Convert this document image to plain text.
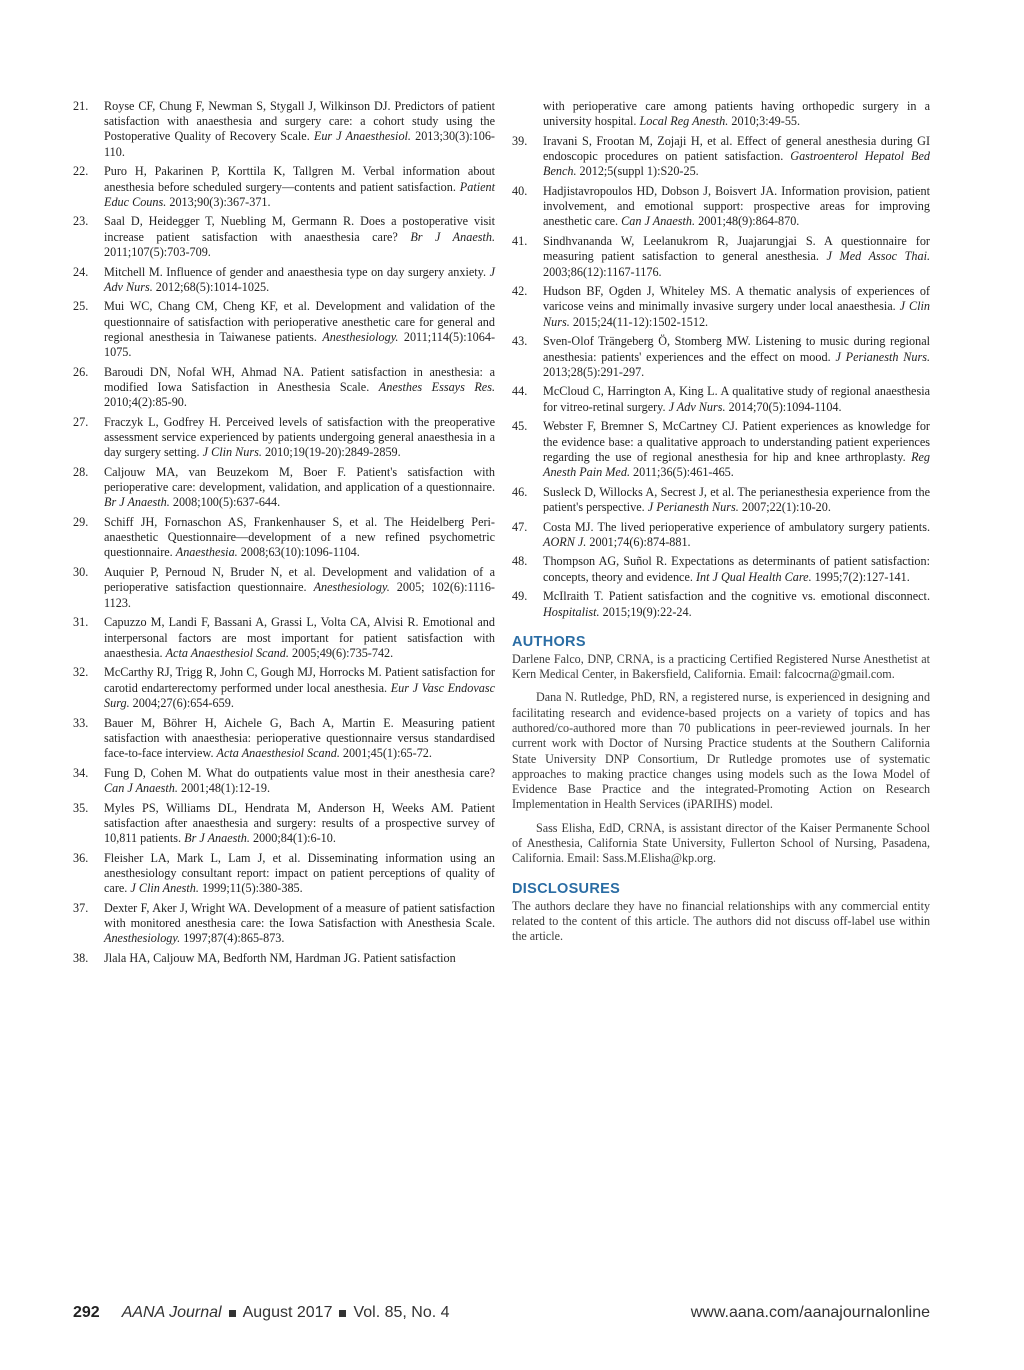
21.	Royse CF, Chung F, Newman S, Stygall J, Wilkinson DJ. Predictors of patient satisfaction with anaesthesia and surgery care: a cohort study using the Postoperative Quality of Recovery Scale. Eur J Anaesthesiol. 2013;30(3):106-110.
22.	Puro H, Pakarinen P, Korttila K, Tallgren M. Verbal information about anesthesia before scheduled surgery—contents and patient satisfaction. Patient Educ Couns. 2013;90(3):367-371.
23.	Saal D, Heidegger T, Nuebling M, Germann R. Does a postoperative visit increase patient satisfaction with anaesthesia care? Br J Anaesth. 2011;107(5):703-709.
24.	Mitchell M. Influence of gender and anaesthesia type on day surgery anxiety. J Adv Nurs. 2012;68(5):1014-1025.
25.	Mui WC, Chang CM, Cheng KF, et al. Development and validation of the questionnaire of satisfaction with perioperative anesthetic care for general and regional anesthesia in Taiwanese patients. Anesthesiology. 2011;114(5):1064-1075.
26.	Baroudi DN, Nofal WH, Ahmad NA. Patient satisfaction in anesthesia: a modified Iowa Satisfaction in Anesthesia Scale. Anesthes Essays Res. 2010;4(2):85-90.
27.	Fraczyk L, Godfrey H. Perceived levels of satisfaction with the preoperative assessment service experienced by patients undergoing general anaesthesia in a day surgery setting. J Clin Nurs. 2010;19(19-20):2849-2859.
28.	Caljouw MA, van Beuzekom M, Boer F. Patient's satisfaction with perioperative care: development, validation, and application of a questionnaire. Br J Anaesth. 2008;100(5):637-644.
29.	Schiff JH, Fornaschon AS, Frankenhauser S, et al. The Heidelberg Peri-anaesthetic Questionnaire—development of a new refined psychometric questionnaire. Anaesthesia. 2008;63(10):1096-1104.
30.	Auquier P, Pernoud N, Bruder N, et al. Development and validation of a perioperative satisfaction questionnaire. Anesthesiology. 2005; 102(6):1116-1123.
31.	Capuzzo M, Landi F, Bassani A, Grassi L, Volta CA, Alvisi R. Emotional and interpersonal factors are most important for patient satisfaction with anaesthesia. Acta Anaesthesiol Scand. 2005;49(6):735-742.
32.	McCarthy RJ, Trigg R, John C, Gough MJ, Horrocks M. Patient satisfaction for carotid endarterectomy performed under local anesthesia. Eur J Vasc Endovasc Surg. 2004;27(6):654-659.
33.	Bauer M, Böhrer H, Aichele G, Bach A, Martin E. Measuring patient satisfaction with anaesthesia: perioperative questionnaire versus standardised face-to-face interview. Acta Anaesthesiol Scand. 2001;45(1):65-72.
34.	Fung D, Cohen M. What do outpatients value most in their anesthesia care? Can J Anaesth. 2001;48(1):12-19.
35.	Myles PS, Williams DL, Hendrata M, Anderson H, Weeks AM. Patient satisfaction after anaesthesia and surgery: results of a prospective survey of 10,811 patients. Br J Anaesth. 2000;84(1):6-10.
36.	Fleisher LA, Mark L, Lam J, et al. Disseminating information using an anesthesiology consultant report: impact on patient perceptions of quality of care. J Clin Anesth. 1999;11(5):380-385.
37.	Dexter F, Aker J, Wright WA. Development of a measure of patient satisfaction with monitored anesthesia care: the Iowa Satisfaction with Anesthesia Scale. Anesthesiology. 1997;87(4):865-873.
38.	Jlala HA, Caljouw MA, Bedforth NM, Hardman JG. Patient satisfaction
with perioperative care among patients having orthopedic surgery in a university hospital. Local Reg Anesth. 2010;3:49-55.
39.	Iravani S, Frootan M, Zojaji H, et al. Effect of general anesthesia during GI endoscopic procedures on patient satisfaction. Gastroenterol Hepatol Bed Bench. 2012;5(suppl 1):S20-25.
40.	Hadjistavropoulos HD, Dobson J, Boisvert JA. Information provision, patient involvement, and emotional support: prospective areas for improving anesthetic care. Can J Anaesth. 2001;48(9):864-870.
41.	Sindhvananda W, Leelanukrom R, Juajarungjai S. A questionnaire for measuring patient satisfaction to general anesthesia. J Med Assoc Thai. 2003;86(12):1167-1176.
42.	Hudson BF, Ogden J, Whiteley MS. A thematic analysis of experiences of varicose veins and minimally invasive surgery under local anaesthesia. J Clin Nurs. 2015;24(11-12):1502-1512.
43.	Sven-Olof Trängeberg Ö, Stomberg MW. Listening to music during regional anesthesia: patients' experiences and the effect on mood. J Perianesth Nurs. 2013;28(5):291-297.
44.	McCloud C, Harrington A, King L. A qualitative study of regional anaesthesia for vitreo-retinal surgery. J Adv Nurs. 2014;70(5):1094-1104.
45.	Webster F, Bremner S, McCartney CJ. Patient experiences as knowledge for the evidence base: a qualitative approach to understanding patient experiences regarding the use of regional anesthesia for hip and knee arthroplasty. Reg Anesth Pain Med. 2011;36(5):461-465.
46.	Susleck D, Willocks A, Secrest J, et al. The perianesthesia experience from the patient's perspective. J Perianesth Nurs. 2007;22(1):10-20.
47.	Costa MJ. The lived perioperative experience of ambulatory surgery patients. AORN J. 2001;74(6):874-881.
48.	Thompson AG, Suñol R. Expectations as determinants of patient satisfaction: concepts, theory and evidence. Int J Qual Health Care. 1995;7(2):127-141.
49.	McIlraith T. Patient satisfaction and the cognitive vs. emotional disconnect. Hospitalist. 2015;19(9):22-24.
AUTHORS

Darlene Falco, DNP, CRNA, is a practicing Certified Registered Nurse Anesthetist at Kern Medical Center, in Bakersfield, California. Email: falcocrna@gmail.com.

Dana N. Rutledge, PhD, RN, a registered nurse, is experienced in designing and facilitating research and evidence-based projects on a variety of topics and has authored/co-authored more than 70 publications in peer-reviewed journals. In her current work with Doctor of Nursing Practice students at the Southern California State University DNP Consortium, Dr Rutledge promotes use of systematic approaches to making practice changes using models such as the Iowa Model of Evidence Base Practice and the integrated-Promoting Action on Research Implementation in Health Services (iPARIHS) model.

Sass Elisha, EdD, CRNA, is assistant director of the Kaiser Permanente School of Anesthesia, California State University, Fullerton School of Nursing, Pasadena, California. Email: Sass.M.Elisha@kp.org.

DISCLOSURES

The authors declare they have no financial relationships with any commercial entity related to the content of this article. The authors did not discuss off-label use within the article.

292 AANA Journal August 2017 Vol. 85, No. 4	www.aana.com/aanajournalonline
